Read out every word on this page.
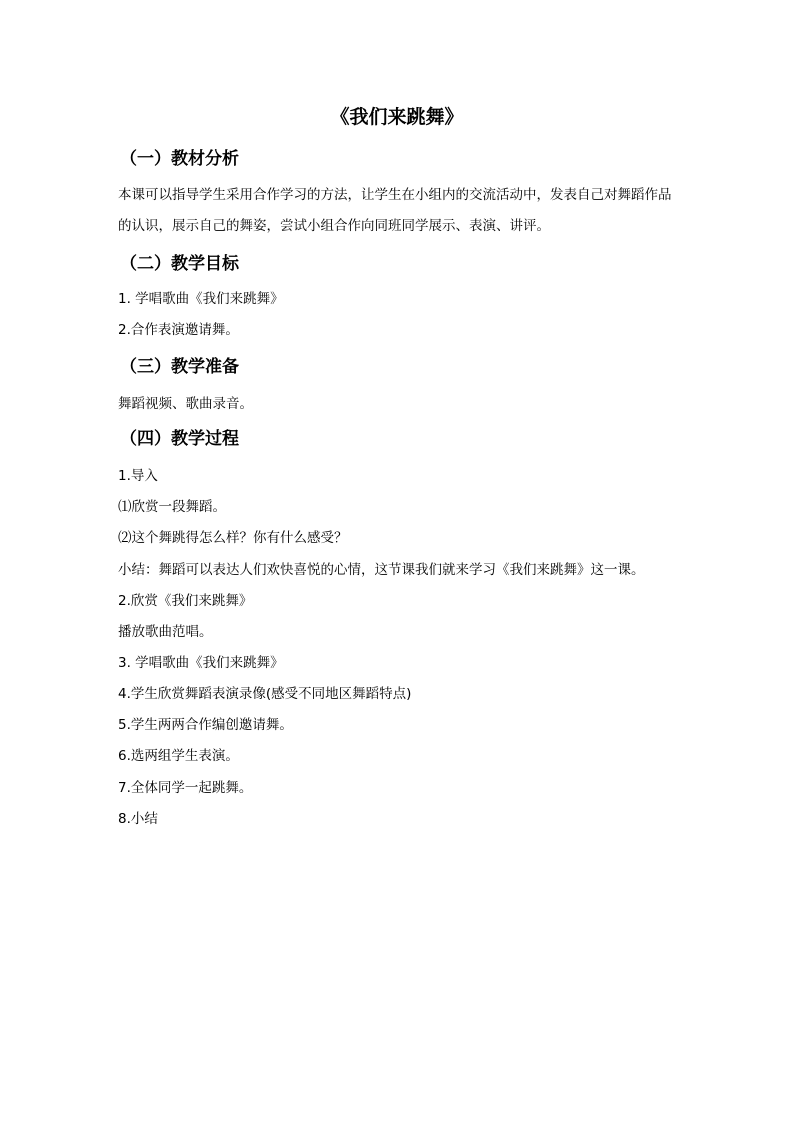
《我们来跳舞》
（一）教材分析
本课可以指导学生采用合作学习的方法，让学生在小组内的交流活动中，发表自己对舞蹈作品的认识，展示自己的舞姿，尝试小组合作向同班同学展示、表演、讲评。
（二）教学目标
1. 学唱歌曲《我们来跳舞》
2.合作表演邀请舞。
（三）教学准备
舞蹈视频、歌曲录音。
（四）教学过程
1.导入
⑴欣赏一段舞蹈。
⑵这个舞跳得怎么样？你有什么感受？
小结：舞蹈可以表达人们欢快喜悦的心情，这节课我们就来学习《我们来跳舞》这一课。
2.欣赏《我们来跳舞》
播放歌曲范唱。
3. 学唱歌曲《我们来跳舞》
4.学生欣赏舞蹈表演录像(感受不同地区舞蹈特点)
5.学生两两合作编创邀请舞。
6.选两组学生表演。
7.全体同学一起跳舞。
8.小结
